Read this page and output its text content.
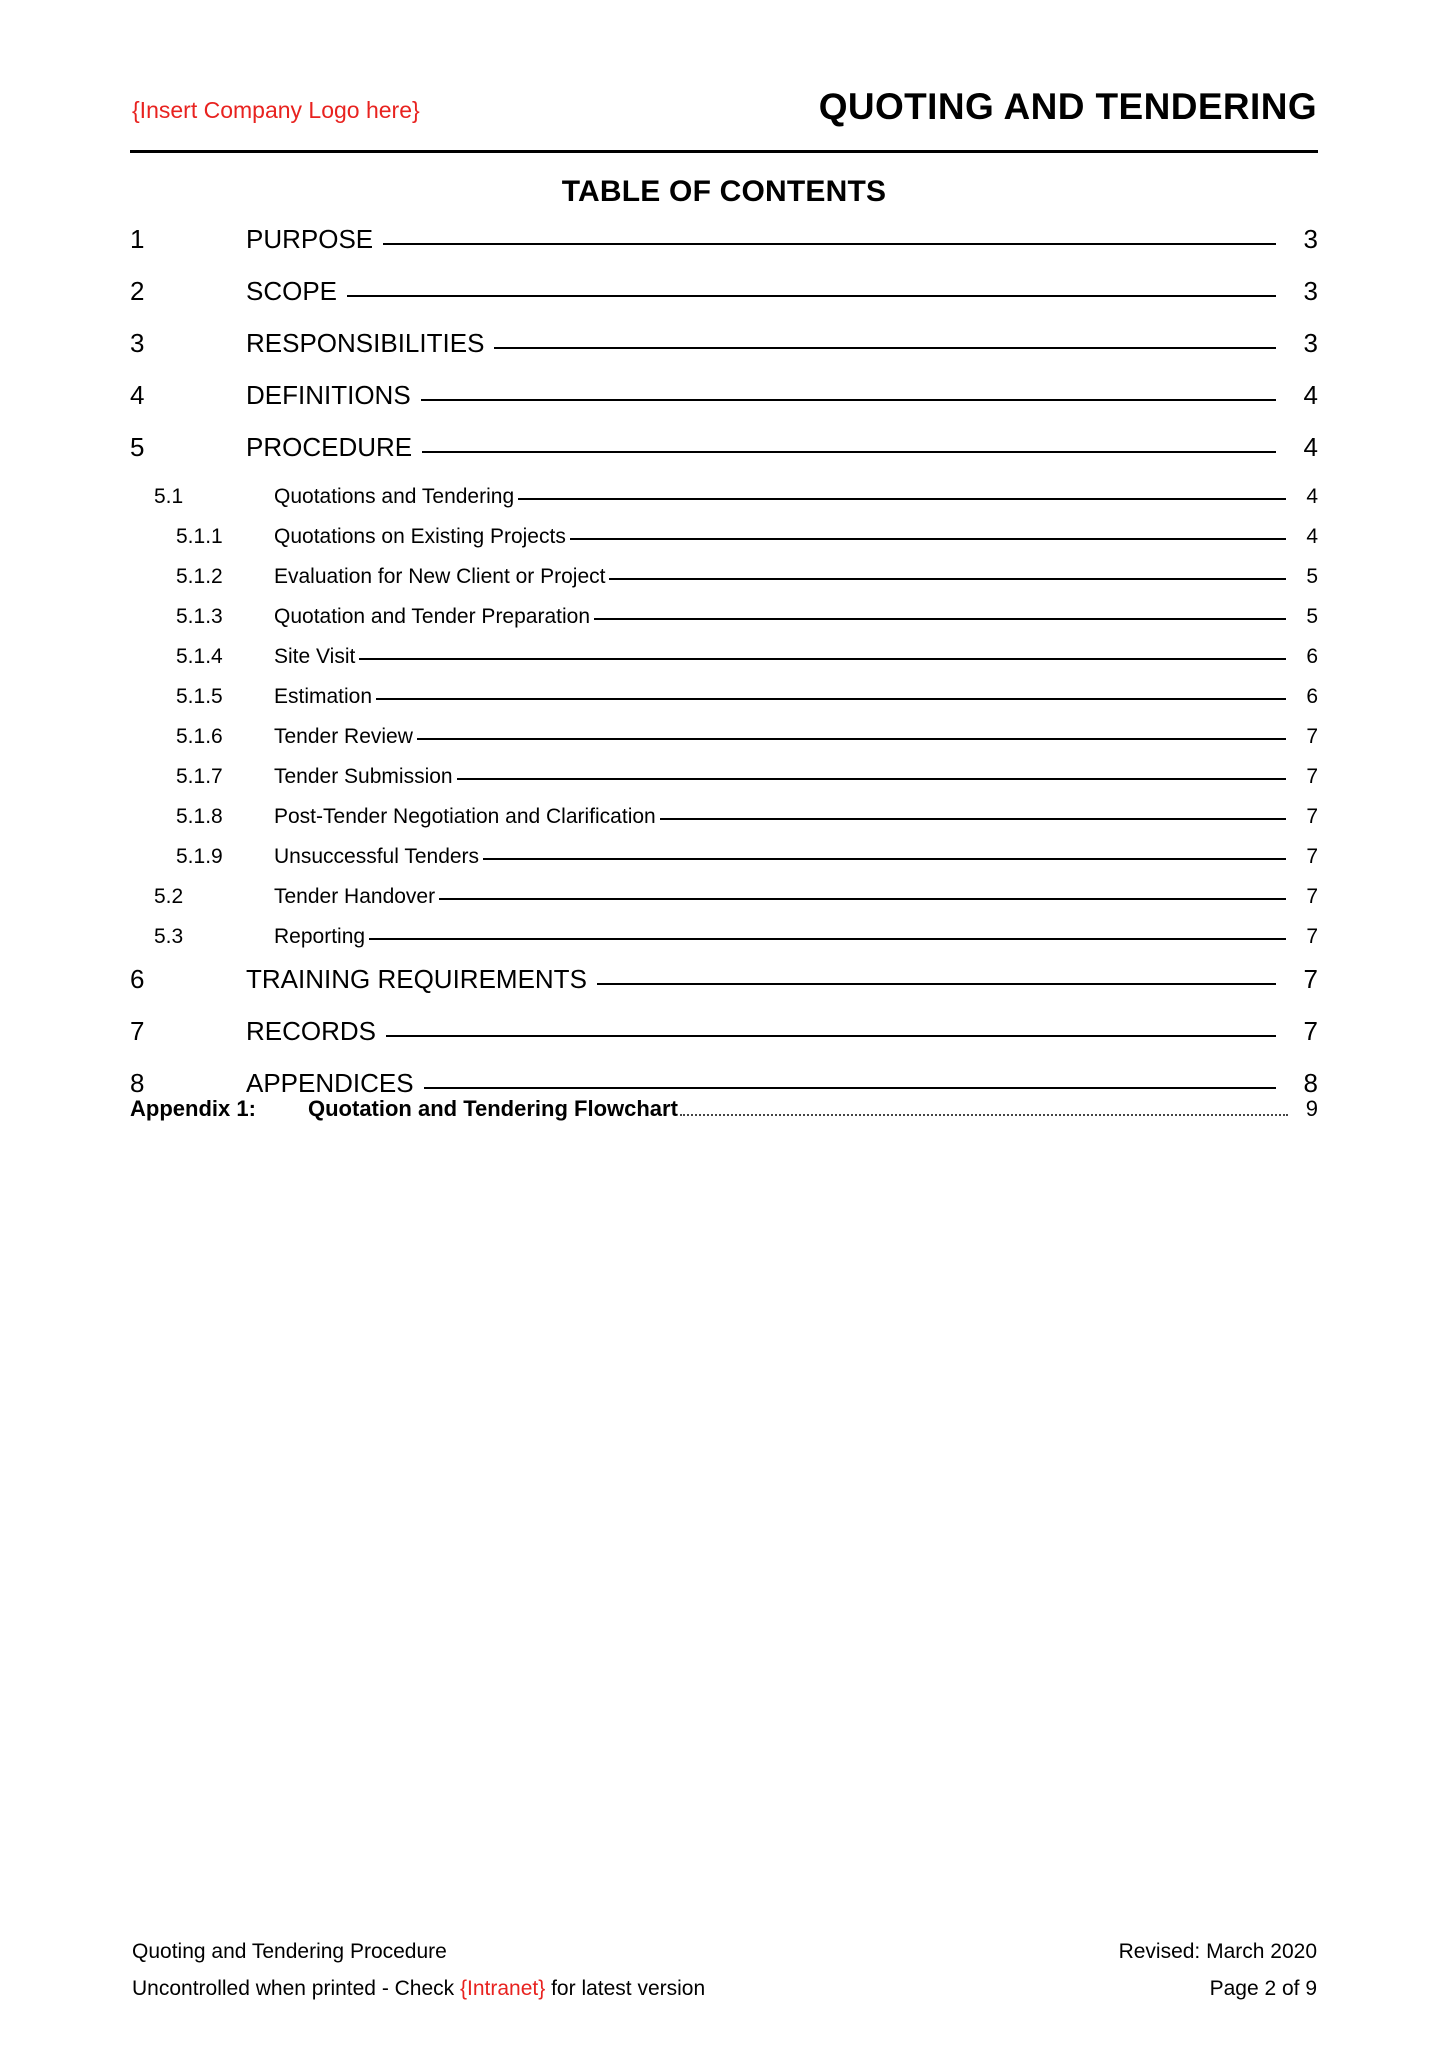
{Insert Company Logo here}	QUOTING AND TENDERING
TABLE OF CONTENTS
1	PURPOSE	3
2	SCOPE	3
3	RESPONSIBILITIES	3
4	DEFINITIONS	4
5	PROCEDURE	4
5.1	Quotations and Tendering	4
5.1.1	Quotations on Existing Projects	4
5.1.2	Evaluation for New Client or Project	5
5.1.3	Quotation and Tender Preparation	5
5.1.4	Site Visit	6
5.1.5	Estimation	6
5.1.6	Tender Review	7
5.1.7	Tender Submission	7
5.1.8	Post-Tender Negotiation and Clarification	7
5.1.9	Unsuccessful Tenders	7
5.2	Tender Handover	7
5.3	Reporting	7
6	TRAINING REQUIREMENTS	7
7	RECORDS	7
8	APPENDICES	8
Appendix 1:	Quotation and Tendering Flowchart	9
Quoting and Tendering Procedure	Revised: March 2020
Uncontrolled when printed - Check {Intranet} for latest version	Page 2 of 9
